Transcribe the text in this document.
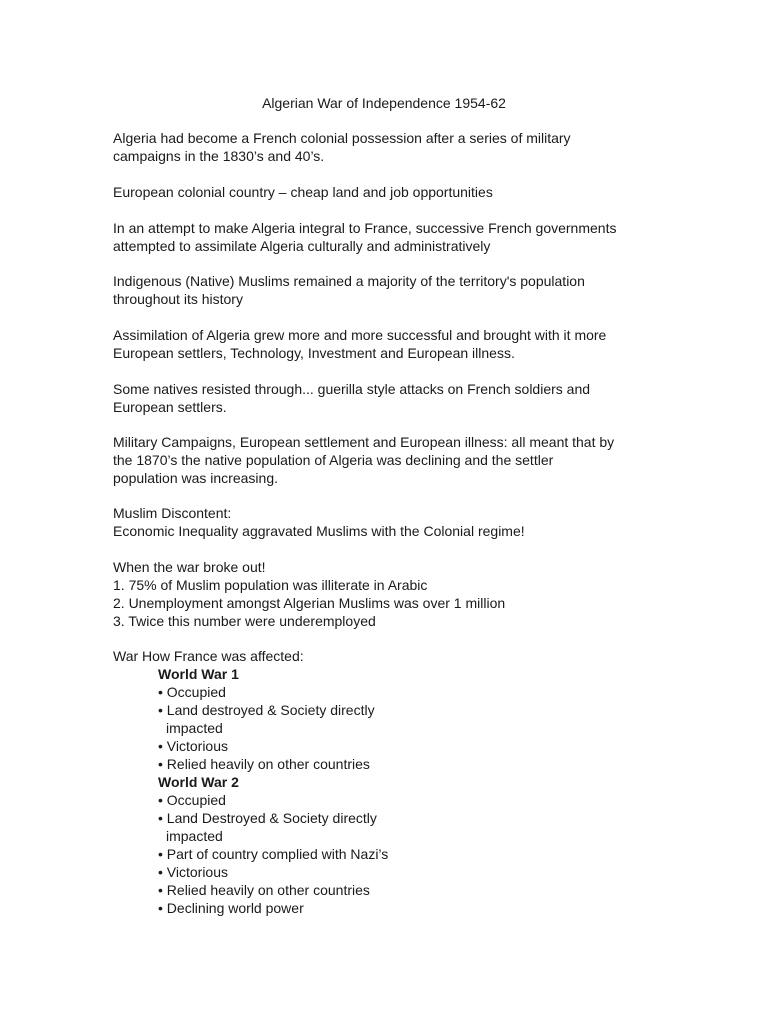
Algerian War of Independence 1954-62
Algeria had become a French colonial possession after a series of military
campaigns in the 1830’s and 40’s.
European colonial country – cheap land and job opportunities
In an attempt to make Algeria integral to France, successive French governments
attempted to assimilate Algeria culturally and administratively
Indigenous (Native) Muslims remained a majority of the territory's population
throughout its history
Assimilation of Algeria grew more and more successful and brought with it more
European settlers, Technology, Investment and European illness.
Some natives resisted through... guerilla style attacks on French soldiers and
European settlers.
Military Campaigns, European settlement and European illness: all meant that by
the 1870’s the native population of Algeria was declining and the settler
population was increasing.
Muslim Discontent:
Economic Inequality aggravated Muslims with the Colonial regime!
When the war broke out!
1. 75% of Muslim population was illiterate in Arabic
2. Unemployment amongst Algerian Muslims was over 1 million
3. Twice this number were underemployed
War How France was affected:
World War 1
• Occupied
• Land destroyed & Society directly
impacted
• Victorious
• Relied heavily on other countries
World War 2
• Occupied
• Land Destroyed & Society directly
impacted
• Part of country complied with Nazi’s
• Victorious
• Relied heavily on other countries
• Declining world power
